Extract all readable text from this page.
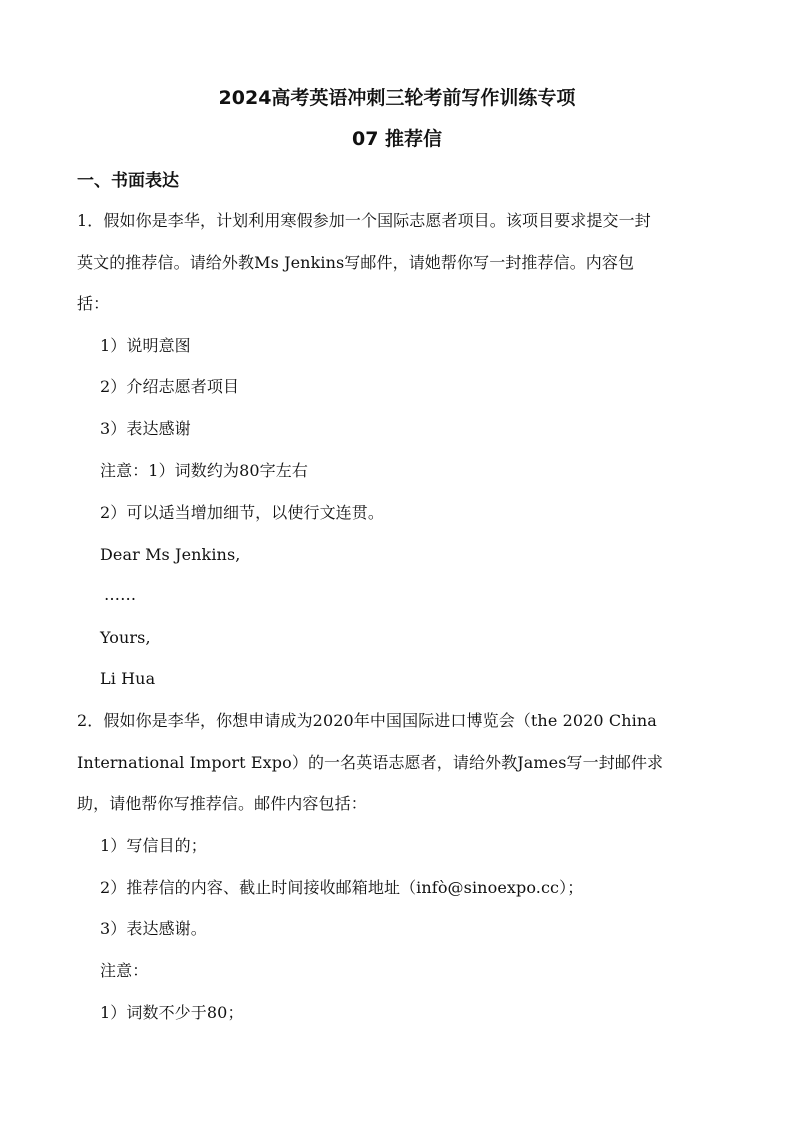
2024高考英语冲刺三轮考前写作训练专项
07 推荐信
一、书面表达
1．假如你是李华，计划利用寒假参加一个国际志愿者项目。该项目要求提交一封
英文的推荐信。请给外教Ms Jenkins写邮件，请她帮你写一封推荐信。内容包
括：
1）说明意图
2）介绍志愿者项目
3）表达感谢
注意：1）词数约为80字左右
2）可以适当增加细节，以使行文连贯。
Dear Ms Jenkins,
……
Yours,
Li Hua
2．假如你是李华，你想申请成为2020年中国国际进口博览会（the 2020 China
International Import Expo）的一名英语志愿者，请给外教James写一封邮件求
助，请他帮你写推荐信。邮件内容包括：
1）写信目的；
2）推荐信的内容、截止时间接收邮箱地址（infò@sinoexpo.cc）；
3）表达感谢。
注意：
1）词数不少于80；
